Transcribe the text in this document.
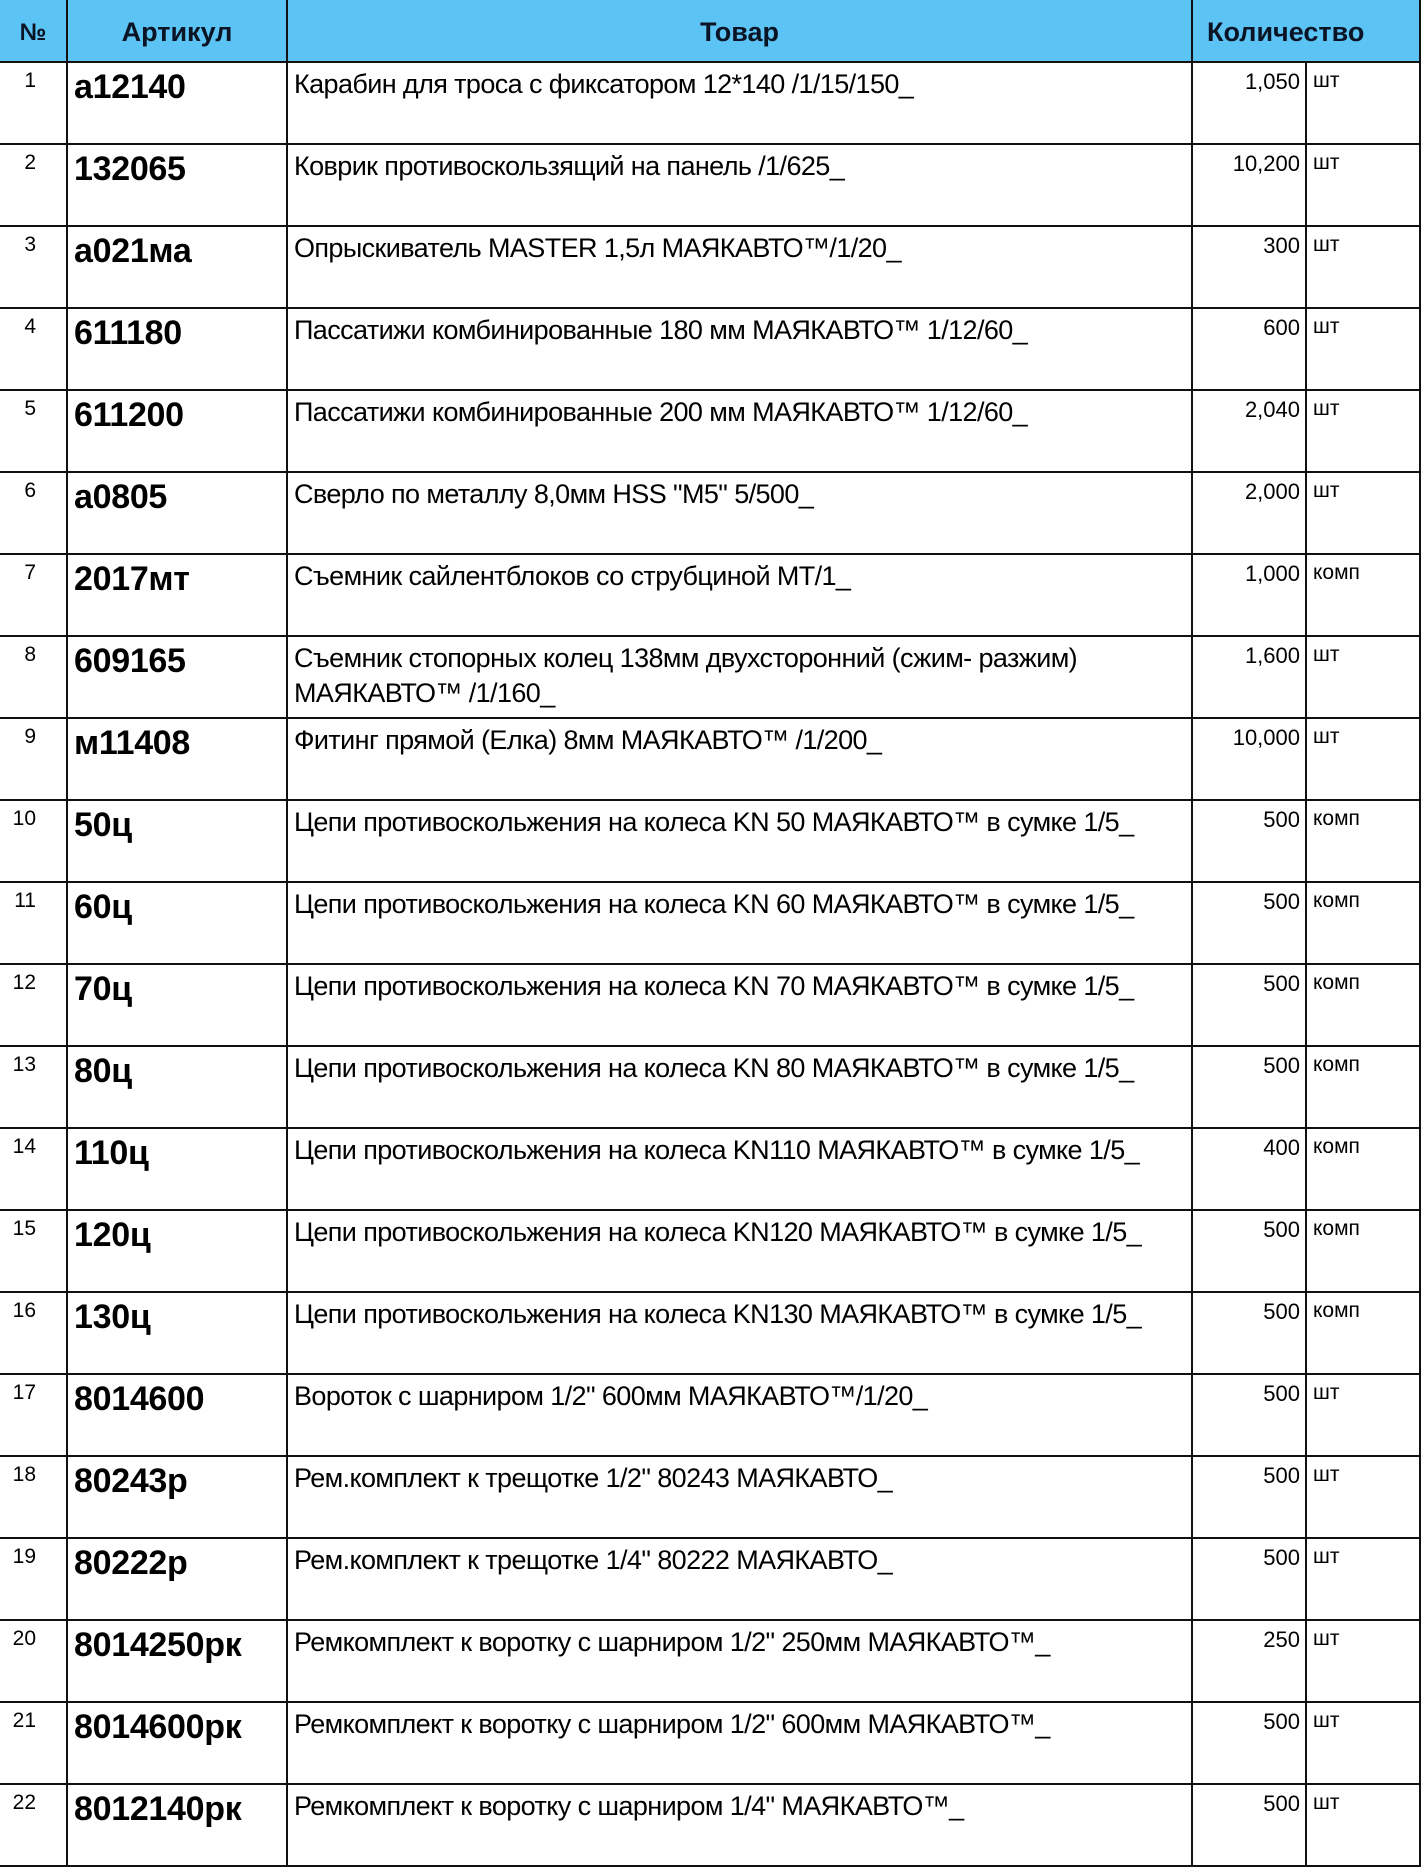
№	Артикул	Товар	Количество	
1	а12140	Карабин для троса с фиксатором 12*140 /1/15/150_	1,050	шт
2	132065	Коврик противоскользящий на панель /1/625_	10,200	шт
3	а021ма	Опрыскиватель MASTER 1,5л МАЯКАВТО™/1/20_	300	шт
4	611180	Пассатижи комбинированные 180 мм МАЯКАВТО™ 1/12/60_	600	шт
5	611200	Пассатижи комбинированные 200 мм МАЯКАВТО™ 1/12/60_	2,040	шт
6	а0805	Сверло по металлу 8,0мм HSS "M5" 5/500_	2,000	шт
7	2017мт	Съемник сайлентблоков со струбциной МТ/1_	1,000	комп
8	609165	Съемник стопорных колец 138мм двухсторонний (сжим- разжим) МАЯКАВТО™ /1/160_	1,600	шт
9	м11408	Фитинг прямой (Елка) 8мм МАЯКАВТО™ /1/200_	10,000	шт
10	50ц	Цепи противоскольжения на колеса KN 50 МАЯКАВТО™ в сумке 1/5_	500	комп
11	60ц	Цепи противоскольжения на колеса KN 60 МАЯКАВТО™ в сумке 1/5_	500	комп
12	70ц	Цепи противоскольжения на колеса KN 70 МАЯКАВТО™ в сумке 1/5_	500	комп
13	80ц	Цепи противоскольжения на колеса KN 80 МАЯКАВТО™ в сумке 1/5_	500	комп
14	110ц	Цепи противоскольжения на колеса KN110 МАЯКАВТО™ в сумке 1/5_	400	комп
15	120ц	Цепи противоскольжения на колеса KN120 МАЯКАВТО™ в сумке 1/5_	500	комп
16	130ц	Цепи противоскольжения на колеса KN130 МАЯКАВТО™ в сумке 1/5_	500	комп
17	8014600	Вороток с шарниром 1/2" 600мм МАЯКАВТО™/1/20_	500	шт
18	80243р	Рем.комплект к трещотке 1/2" 80243 МАЯКАВТО_	500	шт
19	80222р	Рем.комплект к трещотке 1/4" 80222 МАЯКАВТО_	500	шт
20	8014250рк	Ремкомплект к воротку с шарниром 1/2" 250мм МАЯКАВТО™_	250	шт
21	8014600рк	Ремкомплект к воротку с шарниром 1/2" 600мм МАЯКАВТО™_	500	шт
22	8012140рк	Ремкомплект к воротку с шарниром 1/4" МАЯКАВТО™_	500	шт
